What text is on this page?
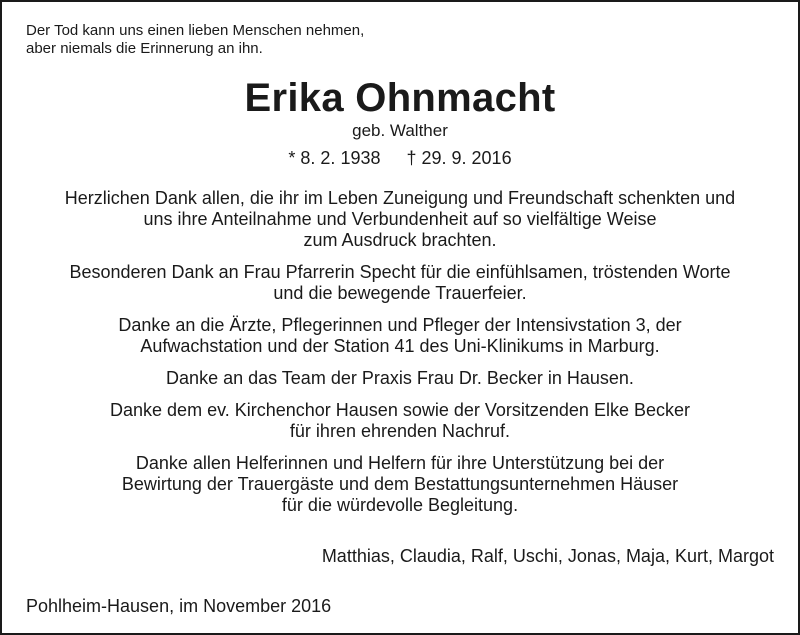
Der Tod kann uns einen lieben Menschen nehmen,
aber niemals die Erinnerung an ihn.

Erika Ohnmacht

geb. Walther

* 8. 2. 1938 † 29. 9. 2016

Herzlichen Dank allen, die ihr im Leben Zuneigung und Freundschaft schenkten und
uns ihre Anteilnahme und Verbundenheit auf so vielfältige Weise
zum Ausdruck brachten.

Besonderen Dank an Frau Pfarrerin Specht für die einfühlsamen, tröstenden Worte
und die bewegende Trauerfeier.

Danke an die Ärzte, Pflegerinnen und Pfleger der Intensivstation 3, der
Aufwachstation und der Station 41 des Uni-Klinikums in Marburg.

Danke an das Team der Praxis Frau Dr. Becker in Hausen.

Danke dem ev. Kirchenchor Hausen sowie der Vorsitzenden Elke Becker
für ihren ehrenden Nachruf.

Danke allen Helferinnen und Helfern für ihre Unterstützung bei der
Bewirtung der Trauergäste und dem Bestattungsunternehmen Häuser
für die würdevolle Begleitung.

Matthias, Claudia, Ralf, Uschi, Jonas, Maja, Kurt, Margot

Pohlheim-Hausen, im November 2016
